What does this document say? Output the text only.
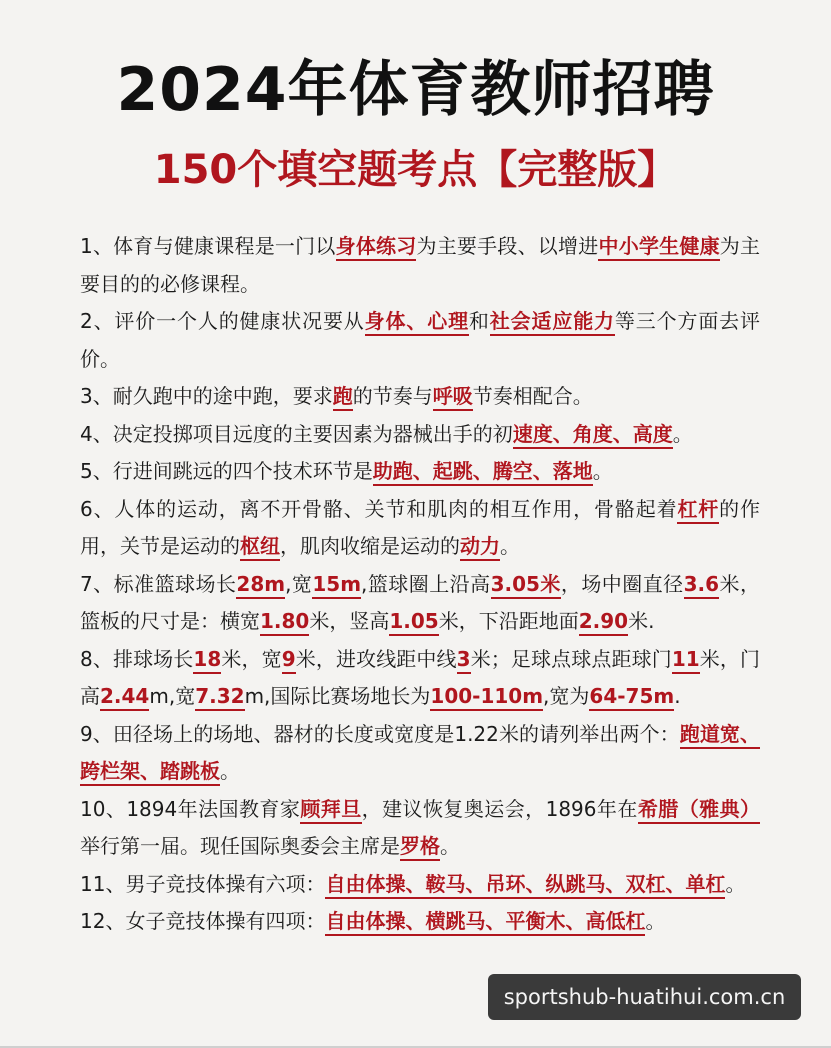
2024年体育教师招聘
150个填空题考点【完整版】

1、体育与健康课程是一门以身体练习为主要手段、以增进中小学生健康为主要目的的必修课程。

2、评价一个人的健康状况要从身体、心理和社会适应能力等三个方面去评价。

3、耐久跑中的途中跑，要求跑的节奏与呼吸节奏相配合。

4、决定投掷项目远度的主要因素为器械出手的初速度、角度、高度。

5、行进间跳远的四个技术环节是助跑、起跳、腾空、落地。

6、人体的运动，离不开骨骼、关节和肌肉的相互作用，骨骼起着杠杆的作用，关节是运动的枢纽，肌肉收缩是运动的动力。

7、标准篮球场长28m,宽15m,篮球圈上沿高3.05米，场中圈直径3.6米，篮板的尺寸是：横宽1.80米，竖高1.05米，下沿距地面2.90米.

8、排球场长18米，宽9米，进攻线距中线3米；足球点球点距球门11米，门高2.44m,宽7.32m,国际比赛场地长为100-110m,宽为64-75m.

9、田径场上的场地、器材的长度或宽度是1.22米的请列举出两个：跑道宽、跨栏架、踏跳板。

10、1894年法国教育家顾拜旦，建议恢复奥运会，1896年在希腊（雅典）举行第一届。现任国际奥委会主席是罗格。

11、男子竞技体操有六项：自由体操、鞍马、吊环、纵跳马、双杠、单杠。

12、女子竞技体操有四项：自由体操、横跳马、平衡木、高低杠。

sportshub-huatihui.com.cn
